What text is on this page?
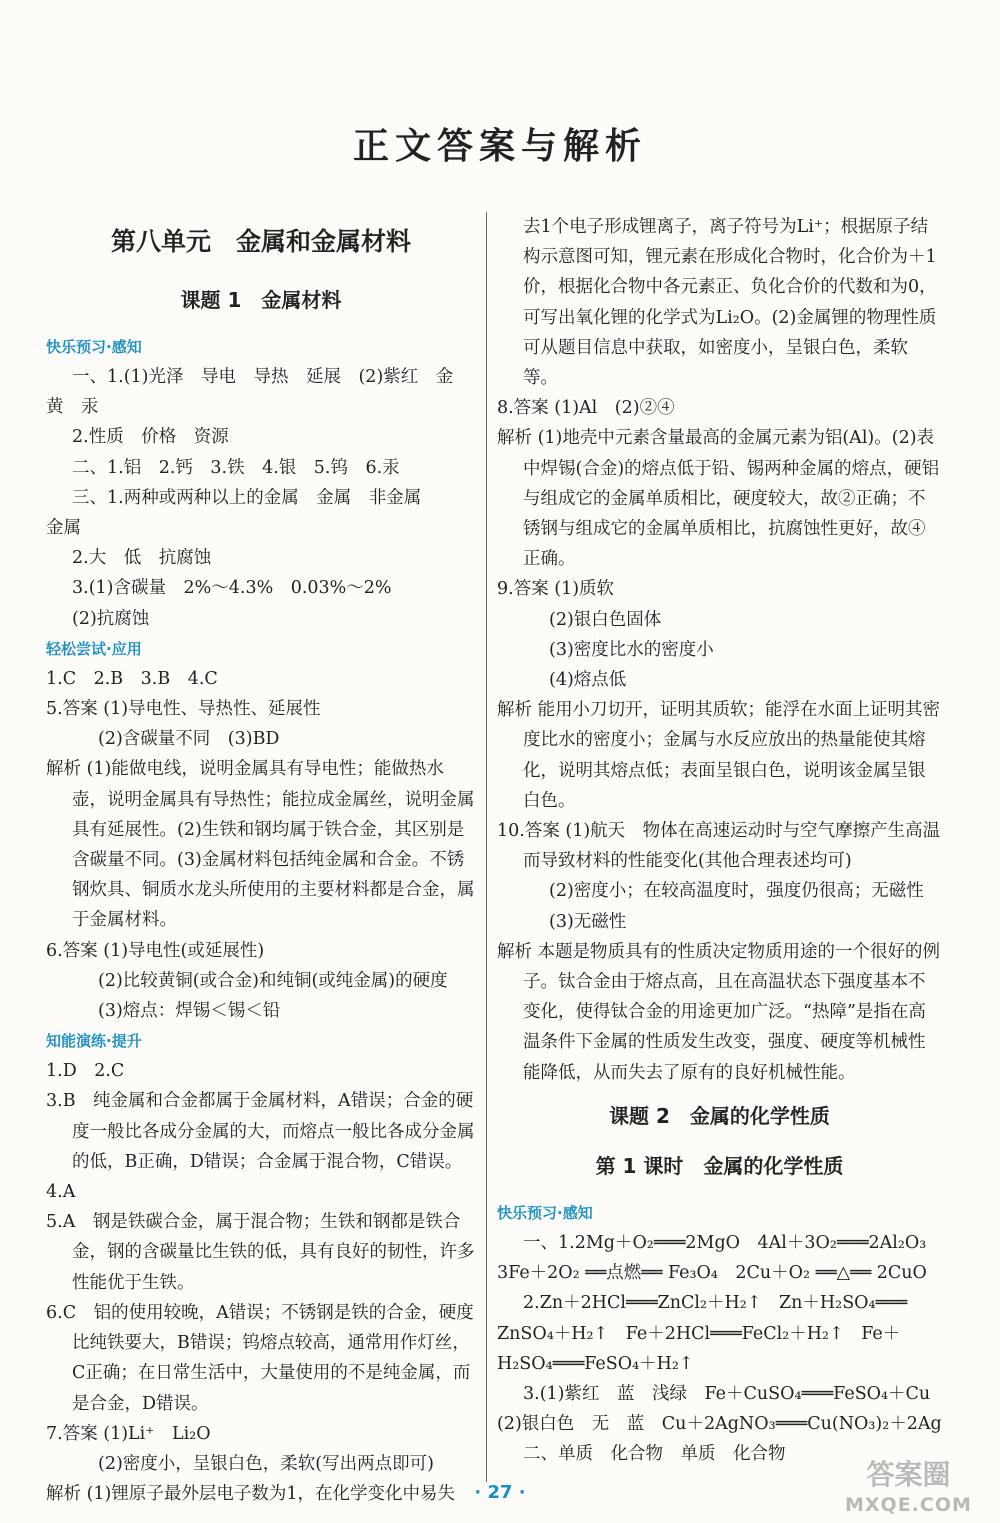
正文答案与解析
第八单元　金属和金属材料
课题 1　金属材料
快乐预习·感知
一、1.(1)光泽　导电　导热　延展　(2)紫红　金
黄　汞
2.性质　价格　资源
二、1.铝　2.钙　3.铁　4.银　5.钨　6.汞
三、1.两种或两种以上的金属　金属　非金属
金属
2.大　低　抗腐蚀
3.(1)含碳量　2%～4.3%　0.03%～2%
(2)抗腐蚀
轻松尝试·应用
1.C　2.B　3.B　4.C
5.答案 (1)导电性、导热性、延展性
(2)含碳量不同　(3)BD
解析 (1)能做电线，说明金属具有导电性；能做热水壶，说明金属具有导热性；能拉成金属丝，说明金属具有延展性。(2)生铁和钢均属于铁合金，其区别是含碳量不同。(3)金属材料包括纯金属和合金。不锈钢炊具、铜质水龙头所使用的主要材料都是合金，属于金属材料。
6.答案 (1)导电性(或延展性)
(2)比较黄铜(或合金)和纯铜(或纯金属)的硬度
(3)熔点：焊锡＜锡＜铅
知能演练·提升
1.D　2.C
3.B　纯金属和合金都属于金属材料，A错误；合金的硬度一般比各成分金属的大，而熔点一般比各成分金属的低，B正确，D错误；合金属于混合物，C错误。
4.A
5.A　钢是铁碳合金，属于混合物；生铁和钢都是铁合金，钢的含碳量比生铁的低，具有良好的韧性，许多性能优于生铁。
6.C　铝的使用较晚，A错误；不锈钢是铁的合金，硬度比纯铁要大，B错误；钨熔点较高，通常用作灯丝，C正确；在日常生活中，大量使用的不是纯金属，而是合金，D错误。
7.答案 (1)Li⁺　Li₂O
(2)密度小，呈银白色，柔软(写出两点即可)
解析 (1)锂原子最外层电子数为1，在化学变化中易失
去1个电子形成锂离子，离子符号为Li⁺；根据原子结构示意图可知，锂元素在形成化合物时，化合价为＋1价，根据化合物中各元素正、负化合价的代数和为0，可写出氧化锂的化学式为Li₂O。(2)金属锂的物理性质可从题目信息中获取，如密度小，呈银白色，柔软等。
8.答案 (1)Al　(2)②④
解析 (1)地壳中元素含量最高的金属元素为铝(Al)。(2)表中焊锡(合金)的熔点低于铅、锡两种金属的熔点，硬铝与组成它的金属单质相比，硬度较大，故②正确；不锈钢与组成它的金属单质相比，抗腐蚀性更好，故④正确。
9.答案 (1)质软
(2)银白色固体
(3)密度比水的密度小
(4)熔点低
解析 能用小刀切开，证明其质软；能浮在水面上证明其密度比水的密度小；金属与水反应放出的热量能使其熔化，说明其熔点低；表面呈银白色，说明该金属呈银白色。
10.答案 (1)航天　物体在高速运动时与空气摩擦产生高温而导致材料的性能变化(其他合理表述均可)
(2)密度小；在较高温度时，强度仍很高；无磁性
(3)无磁性
解析 本题是物质具有的性质决定物质用途的一个很好的例子。钛合金由于熔点高，且在高温状态下强度基本不变化，使得钛合金的用途更加广泛。“热障”是指在高温条件下金属的性质发生改变，强度、硬度等机械性能降低，从而失去了原有的良好机械性能。
课题 2　金属的化学性质
第 1 课时　金属的化学性质
快乐预习·感知
一、1.2Mg＋O₂═══2MgO　4Al＋3O₂═══2Al₂O₃
3Fe＋2O₂ ══点燃══ Fe₃O₄　2Cu＋O₂ ══△══ 2CuO
2.Zn＋2HCl═══ZnCl₂＋H₂↑　Zn＋H₂SO₄═══
ZnSO₄＋H₂↑　Fe＋2HCl═══FeCl₂＋H₂↑　Fe＋
H₂SO₄═══FeSO₄＋H₂↑
3.(1)紫红　蓝　浅绿　Fe＋CuSO₄═══FeSO₄＋Cu
(2)银白色　无　蓝　Cu＋2AgNO₃═══Cu(NO₃)₂＋2Ag
二、单质　化合物　单质　化合物
· 27 ·
答案圈
MXQE.COM
